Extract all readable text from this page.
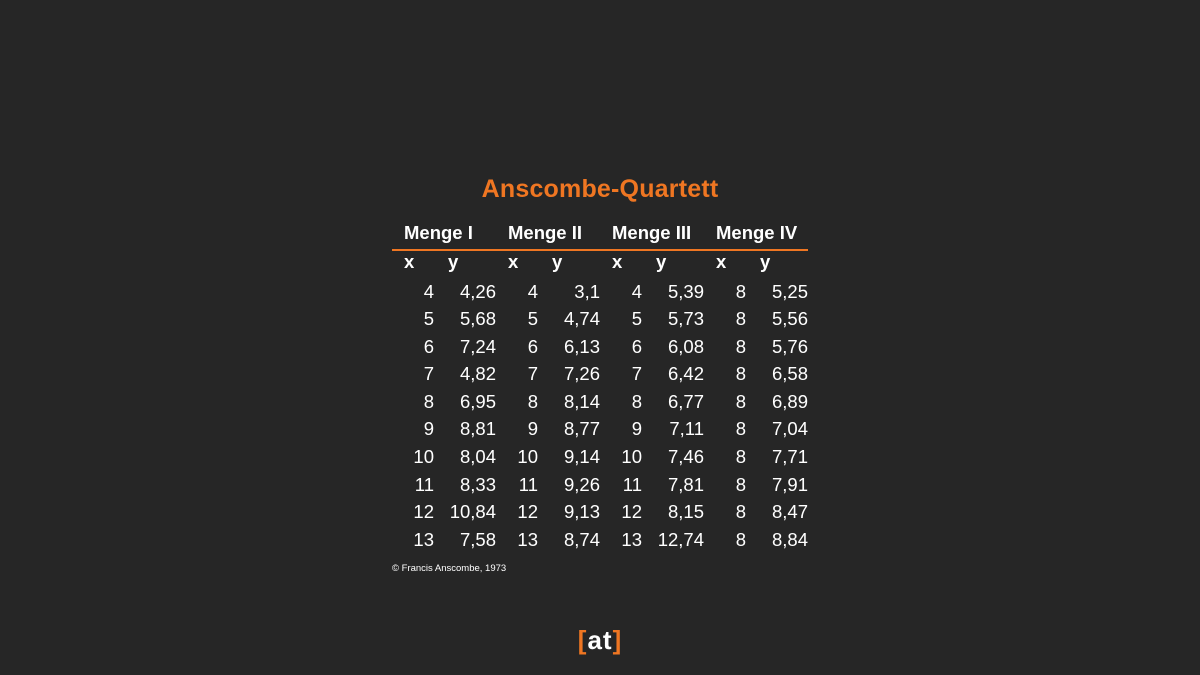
Anscombe-Quartett
Menge I		Menge II		Menge III		Menge IV	
x	y	x	y	x	y	x	y
4	4,26	4	3,1	4	5,39	8	5,25
5	5,68	5	4,74	5	5,73	8	5,56
6	7,24	6	6,13	6	6,08	8	5,76
7	4,82	7	7,26	7	6,42	8	6,58
8	6,95	8	8,14	8	6,77	8	6,89
9	8,81	9	8,77	9	7,11	8	7,04
10	8,04	10	9,14	10	7,46	8	7,71
11	8,33	11	9,26	11	7,81	8	7,91
12	10,84	12	9,13	12	8,15	8	8,47
13	7,58	13	8,74	13	12,74	8	8,84
© Francis Anscombe, 1973
[at]
